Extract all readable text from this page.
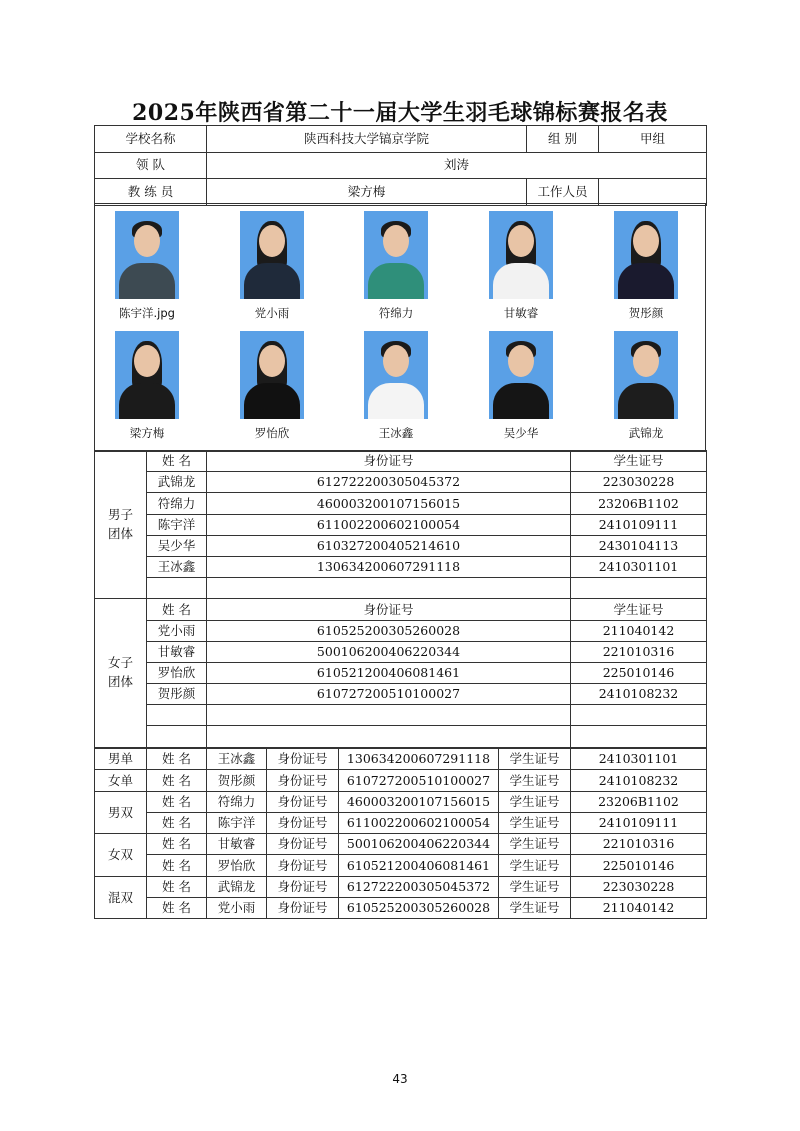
2025年陕西省第二十一届大学生羽毛球锦标赛报名表
学校名称	陕西科技大学镐京学院	组 别	甲组
领 队	刘涛		
教 练 员	梁方梅	工作人员	
陈宇洋.jpg	党小雨	符绵力	甘敏睿	贺彤颜
梁方梅	罗怡欣	王冰鑫	吴少华	武锦龙
男子
团体	姓 名	身份证号	学生证号
	武锦龙	612722200305045372	223030228
	符绵力	460003200107156015	23206B1102
	陈宇洋	611002200602100054	2410109111
	吴少华	610327200405214610	2430104113
	王冰鑫	130634200607291118	2410301101

女子
团体	姓 名	身份证号	学生证号
	党小雨	610525200305260028	211040142
	甘敏睿	500106200406220344	221010316
	罗怡欣	610521200406081461	225010146
	贺彤颜	610727200510100027	2410108232

男单	姓 名	王冰鑫	身份证号	130634200607291118	学生证号	2410301101
女单	姓 名	贺彤颜	身份证号	610727200510100027	学生证号	2410108232
男双	姓 名	符绵力	身份证号	460003200107156015	学生证号	23206B1102
	姓 名	陈宇洋	身份证号	611002200602100054	学生证号	2410109111
女双	姓 名	甘敏睿	身份证号	500106200406220344	学生证号	221010316
	姓 名	罗怡欣	身份证号	610521200406081461	学生证号	225010146
混双	姓 名	武锦龙	身份证号	612722200305045372	学生证号	223030228
	姓 名	党小雨	身份证号	610525200305260028	学生证号	211040142
43
